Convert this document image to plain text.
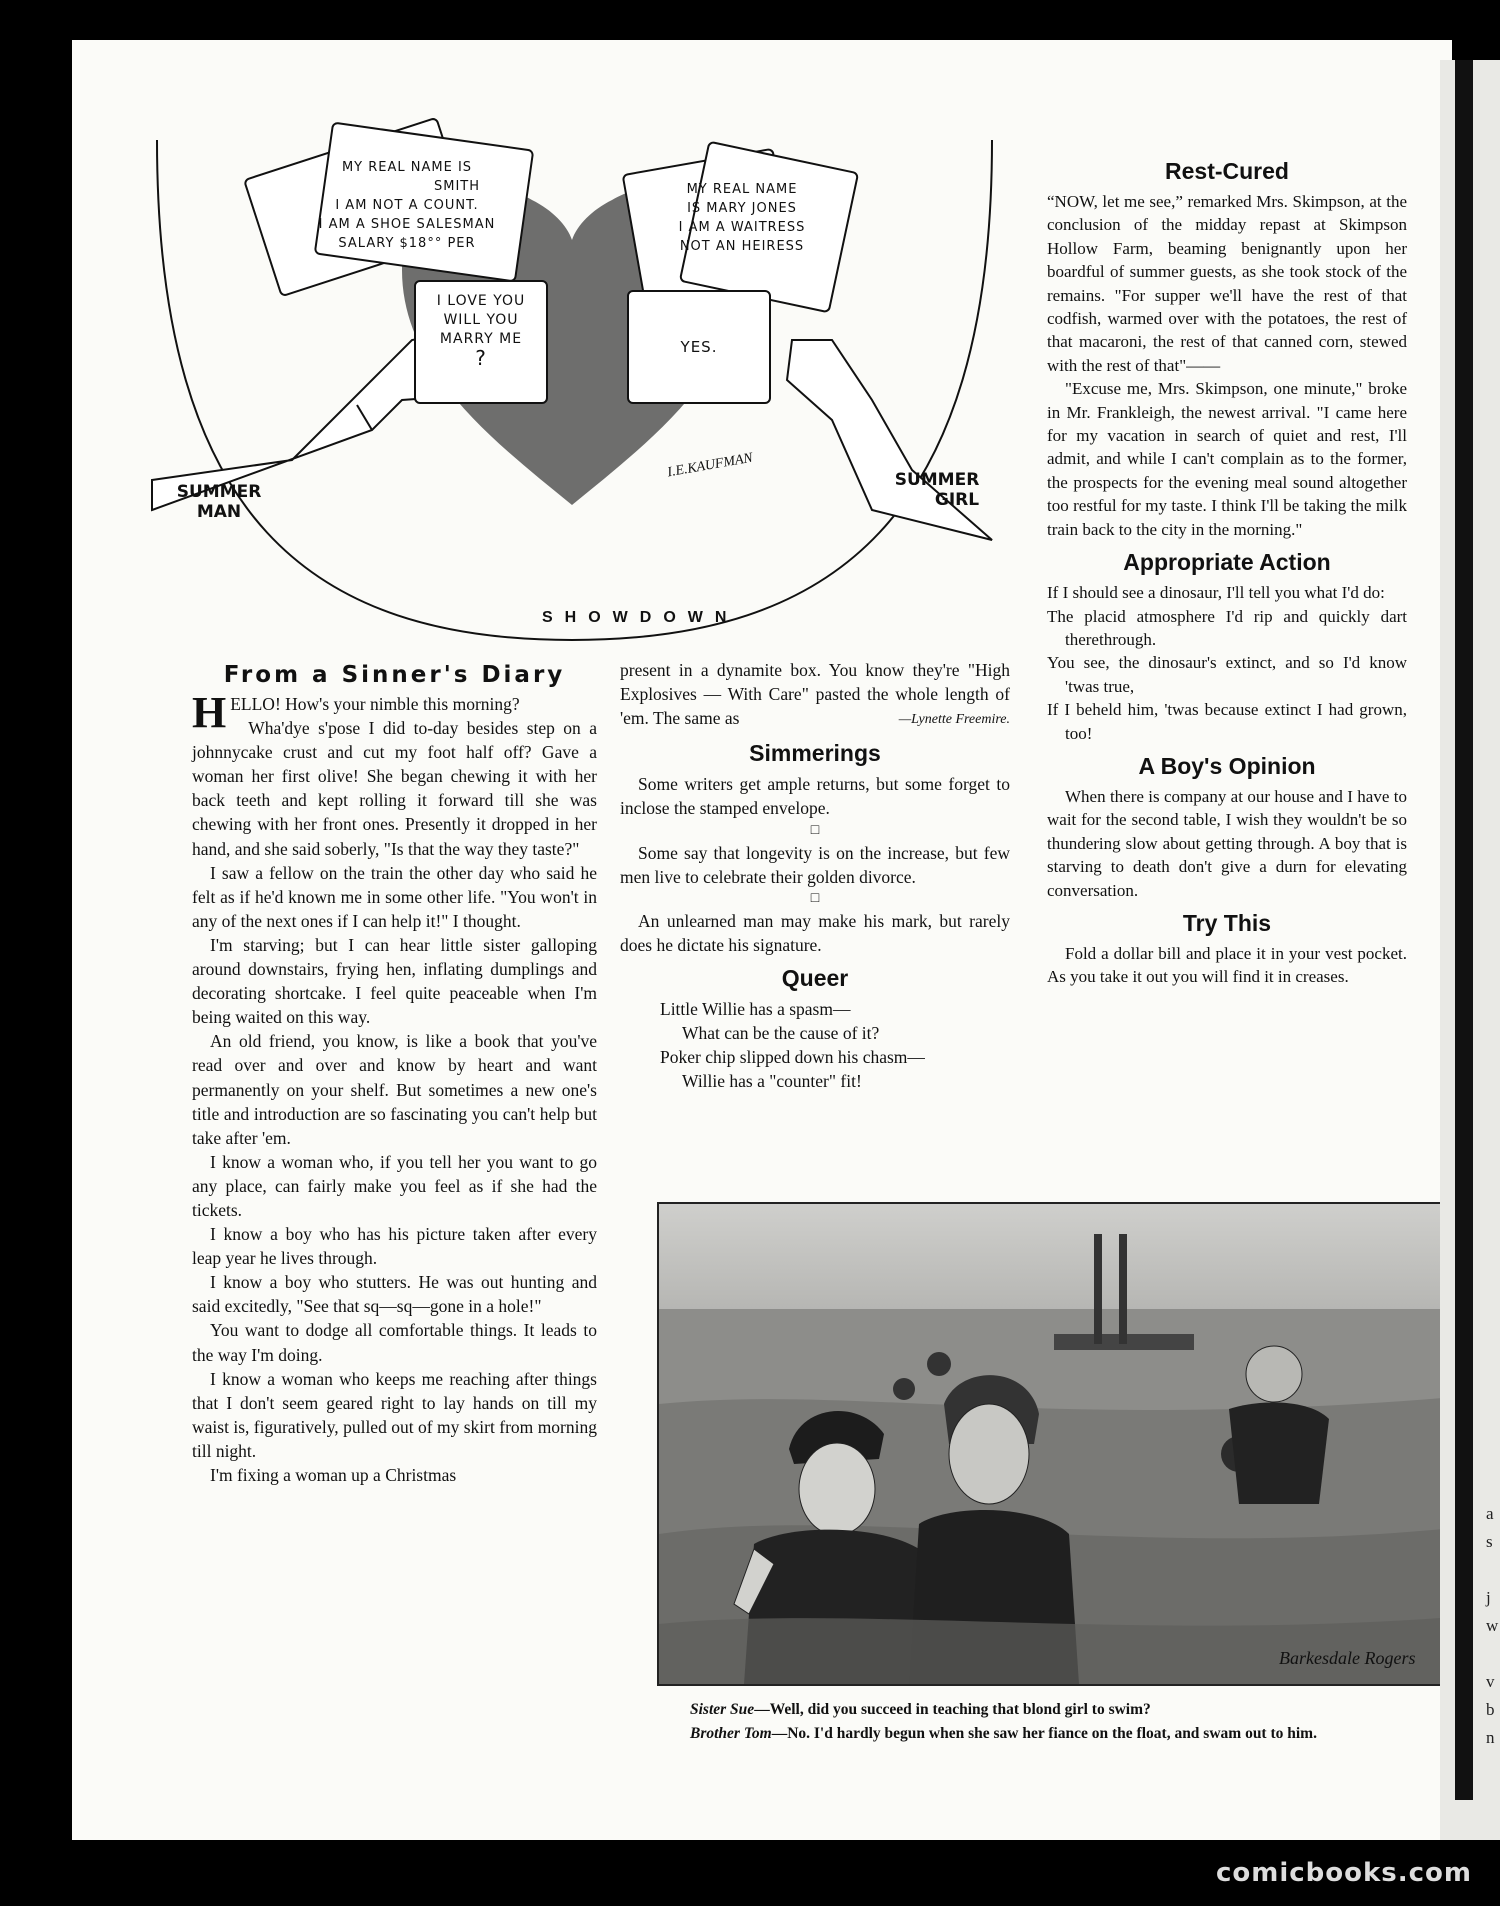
MY REAL NAME IS
SMITH
I AM NOT A COUNT.
I AM A SHOE SALESMAN
SALARY $18°° PER
I LOVE YOU
WILL YOU
MARRY ME
?
MY REAL NAME
IS MARY JONES
I AM A WAITRESS
NOT AN HEIRESS
YES.
SUMMER
MAN
SUMMER
GIRL
I.E.KAUFMAN
SHOWDOWN
From a Sinner's Diary

HELLO! How's your nimble this morning?

Wha'dye s'pose I did to-day besides step on a johnnycake crust and cut my foot half off? Gave a woman her first olive! She began chewing it with her back teeth and kept rolling it forward till she was chewing with her front ones. Presently it dropped in her hand, and she said soberly, "Is that the way they taste?"

I saw a fellow on the train the other day who said he felt as if he'd known me in some other life. "You won't in any of the next ones if I can help it!" I thought.

I'm starving; but I can hear little sister galloping around downstairs, frying hen, inflating dumplings and decorating shortcake. I feel quite peaceable when I'm being waited on this way.

An old friend, you know, is like a book that you've read over and over and know by heart and want permanently on your shelf. But sometimes a new one's title and introduction are so fascinating you can't help but take after 'em.

I know a woman who, if you tell her you want to go any place, can fairly make you feel as if she had the tickets.

I know a boy who has his picture taken after every leap year he lives through.

I know a boy who stutters. He was out hunting and said excitedly, "See that sq—sq—gone in a hole!"

You want to dodge all comfortable things. It leads to the way I'm doing.

I know a woman who keeps me reaching after things that I don't seem geared right to lay hands on till my waist is, figuratively, pulled out of my skirt from morning till night.

I'm fixing a woman up a Christmas

present in a dynamite box. You know they're "High Explosives — With Care" pasted the whole length of 'em. The same as	—Lynette Freemire.
Simmerings

Some writers get ample returns, but some forget to inclose the stamped envelope.

□

Some say that longevity is on the increase, but few men live to celebrate their golden divorce.

□

An unlearned man may make his mark, but rarely does he dictate his signature.

Queer
Little Willie has a spasm—
What can be the cause of it?
Poker chip slipped down his chasm—
Willie has a "counter" fit!
Rest-Cured

“NOW, let me see,” remarked Mrs. Skimpson, at the conclusion of the midday repast at Skimpson Hollow Farm, beaming benignantly upon her boardful of summer guests, as she took stock of the remains. "For supper we'll have the rest of that codfish, warmed over with the potatoes, the rest of that macaroni, the rest of that canned corn, stewed with the rest of that"——

"Excuse me, Mrs. Skimpson, one minute," broke in Mr. Frankleigh, the newest arrival. "I came here for my vacation in search of quiet and rest, I'll admit, and while I can't complain as to the former, the prospects for the evening meal sound altogether too restful for my taste. I think I'll be taking the milk train back to the city in the morning."

Appropriate Action

If I should see a dinosaur, I'll tell you what I'd do:

The placid atmosphere I'd rip and quickly dart therethrough.

You see, the dinosaur's extinct, and so I'd know 'twas true,

If I beheld him, 'twas because extinct I had grown, too!

A Boy's Opinion

When there is company at our house and I have to wait for the second table, I wish they wouldn't be so thundering slow about getting through. A boy that is starving to death don't give a durn for elevating conversation.

Try This

Fold a dollar bill and place it in your vest pocket. As you take it out you will find it in creases.

Barkesdale Rogers
Sister Sue—Well, did you succeed in teaching that blond girl to swim?
Brother Tom—No. I'd hardly begun when she saw her fiance on the float, and swam out to him.
a
s
j
w
v
b
n
comicbooks.com
